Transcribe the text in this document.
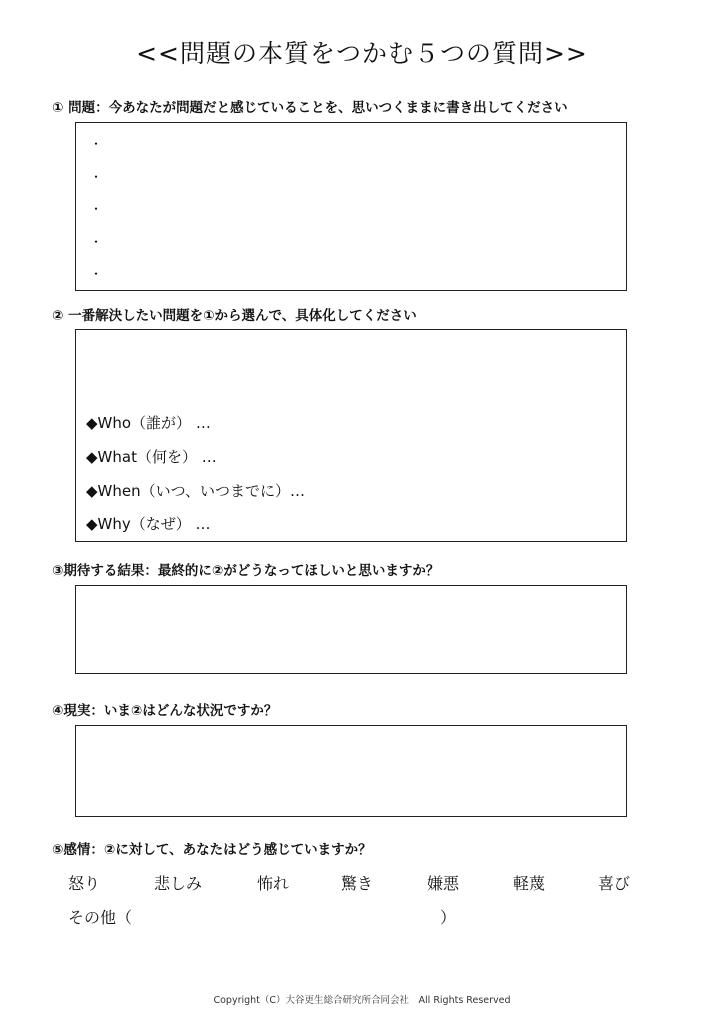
<<問題の本質をつかむ５つの質問>>
① 問題：今あなたが問題だと感じていることを、思いつくままに書き出してください
・
・
・
・
・
② 一番解決したい問題を①から選んで、具体化してください
◆Who（誰が） …
◆What（何を） …
◆When（いつ、いつまでに）…
◆Why（なぜ） …
③期待する結果：最終的に②がどうなってほしいと思いますか？
④現実：いま②はどんな状況ですか？
⑤感情：②に対して、あなたはどう感じていますか？
怒り	悲しみ	怖れ	驚き	嫌悪	軽蔑	喜び
その他（	）
Copyright（C）大谷更生総合研究所合同会社　All Rights Reserved
